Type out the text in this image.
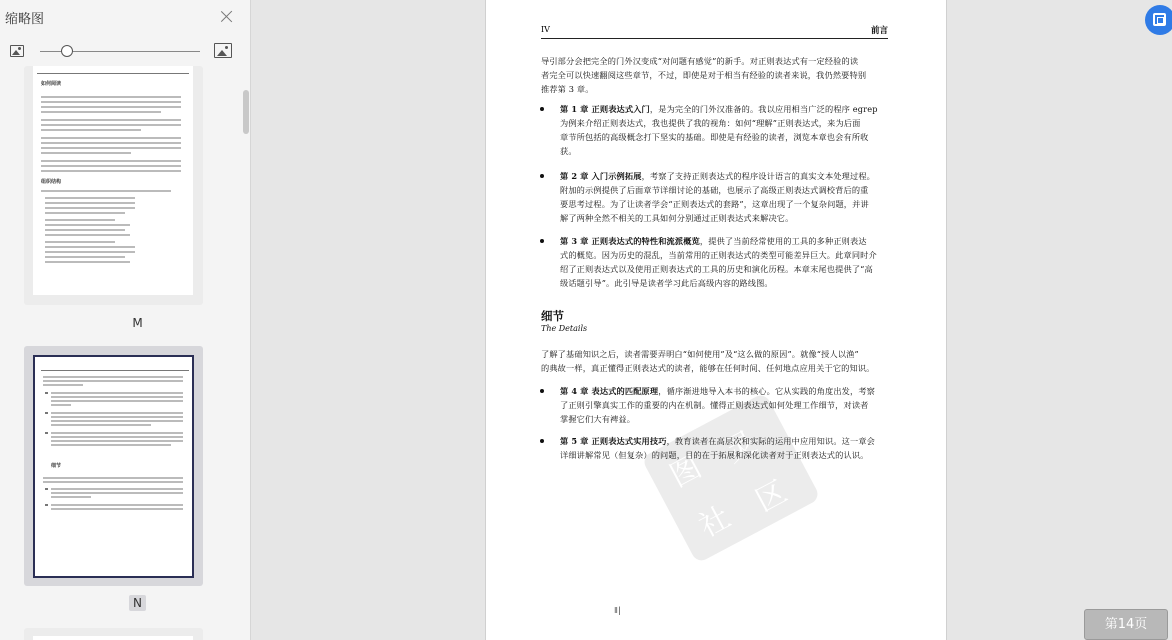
缩略图
如何阅读
组织结构
M
细节
N
IV	前言
图
灵
社
区
导引部分会把完全的门外汉变成“对问题有感觉”的新手。对正则表达式有一定经验的读
者完全可以快速翻阅这些章节，不过，即使是对于相当有经验的读者来说，我仍然要特别
推荐第 3 章。
第 1 章 正则表达式入门，是为完全的门外汉准备的。我以应用相当广泛的程序 egrep
为例来介绍正则表达式，我也提供了我的视角：如何“理解”正则表达式，来为后面
章节所包括的高级概念打下坚实的基础。即使是有经验的读者，浏览本章也会有所收
获。
第 2 章 入门示例拓展，考察了支持正则表达式的程序设计语言的真实文本处理过程。
附加的示例提供了后面章节详细讨论的基础，也展示了高级正则表达式调校背后的重
要思考过程。为了让读者学会“正则表达式的套路”，这章出现了一个复杂问题，并讲
解了两种全然不相关的工具如何分别通过正则表达式来解决它。
第 3 章 正则表达式的特性和流派概览，提供了当前经常使用的工具的多种正则表达
式的概览。因为历史的混乱，当前常用的正则表达式的类型可能差异巨大。此章同时介
绍了正则表达式以及使用正则表达式的工具的历史和演化历程。本章末尾也提供了“高
级话题引导”。此引导是读者学习此后高级内容的路线图。
细节
The Details
了解了基础知识之后，读者需要弄明白“如何使用”及“这么做的原因”。就像“授人以渔”
的典故一样，真正懂得正则表达式的读者，能够在任何时间、任何地点应用关于它的知识。
第 4 章 表达式的匹配原理，循序渐进地导入本书的核心。它从实践的角度出发，考察
了正则引擎真实工作的重要的内在机制。懂得正则表达式如何处理工作细节，对读者
掌握它们大有裨益。
第 5 章 正则表达式实用技巧，教育读者在高层次和实际的运用中应用知识。这一章会
详细讲解常见（但复杂）的问题，目的在于拓展和深化读者对于正则表达式的认识。
ǁ|
第14页
